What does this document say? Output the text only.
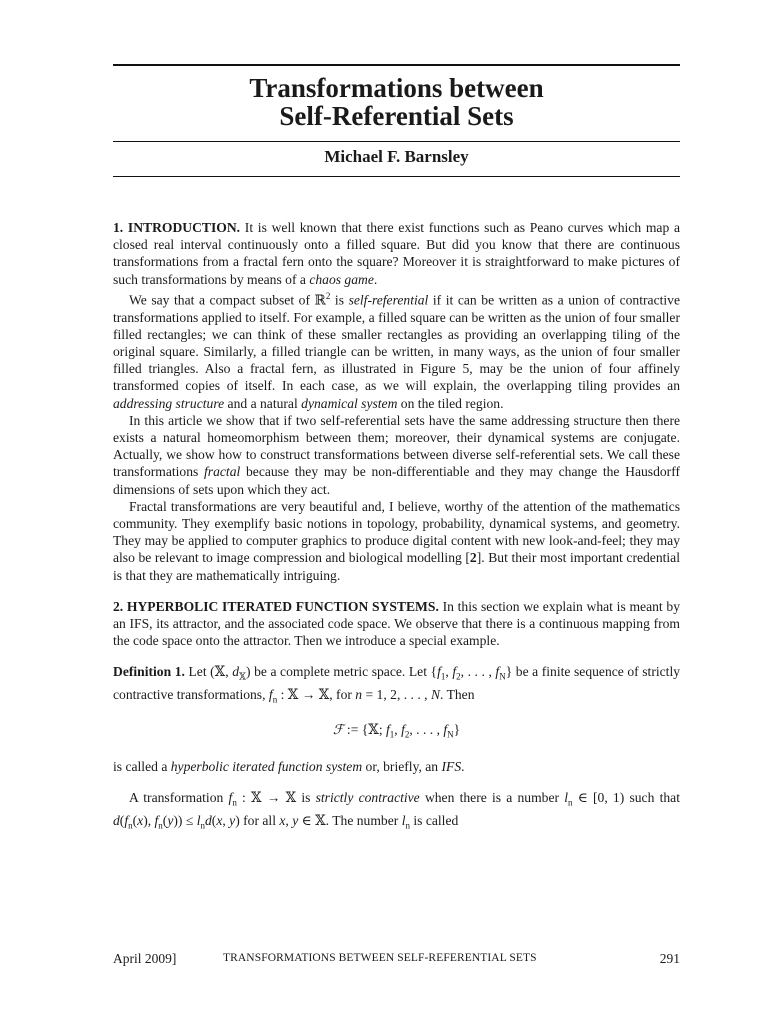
Transformations between
Self-Referential Sets

Michael F. Barnsley

1. INTRODUCTION. It is well known that there exist functions such as Peano curves which map a closed real interval continuously onto a filled square. But did you know that there are continuous transformations from a fractal fern onto the square? Moreover it is straightforward to make pictures of such transformations by means of a chaos game.

We say that a compact subset of ℝ$^2$ is self-referential if it can be written as a union of contractive transformations applied to itself. For example, a filled square can be written as the union of four smaller filled rectangles; we can think of these smaller rectangles as providing an overlapping tiling of the original square. Similarly, a filled triangle can be written, in many ways, as the union of four smaller filled triangles. Also a fractal fern, as illustrated in Figure 5, may be the union of four affinely transformed copies of itself. In each case, as we will explain, the overlapping tiling provides an addressing structure and a natural dynamical system on the tiled region.

In this article we show that if two self-referential sets have the same addressing structure then there exists a natural homeomorphism between them; moreover, their dynamical systems are conjugate. Actually, we show how to construct transformations between diverse self-referential sets. We call these transformations fractal because they may be non-differentiable and they may change the Hausdorff dimensions of sets upon which they act.

Fractal transformations are very beautiful and, I believe, worthy of the attention of the mathematics community. They exemplify basic notions in topology, probability, dynamical systems, and geometry. They may be applied to computer graphics to produce digital content with new look-and-feel; they may also be relevant to image compression and biological modelling [2]. But their most important credential is that they are mathematically intriguing.

2. HYPERBOLIC ITERATED FUNCTION SYSTEMS. In this section we explain what is meant by an IFS, its attractor, and the associated code space. We observe that there is a continuous mapping from the code space onto the attractor. Then we introduce a special example.

Definition 1. Let (𝕏, $d_𝕏$) be a complete metric space. Let {$f_1$, $f_2$, . . . , $f_N$} be a finite sequence of strictly contractive transformations, $f_n$ : 𝕏 → 𝕏, for n = 1, 2, . . . , N. Then

ℱ := {𝕏; $f_1$, $f_2$, . . . , $f_N$}

is called a hyperbolic iterated function system or, briefly, an IFS.

A transformation $f_n$ : 𝕏 → 𝕏 is strictly contractive when there is a number $l_n$ ∈ [0, 1) such that $d(f_n(x)$, $f_n(y)) \le l_nd(x$, y) for all x, y ∈ 𝕏. The number $l_n$ is called

April 2009]	TRANSFORMATIONS BETWEEN SELF-REFERENTIAL SETS	291
